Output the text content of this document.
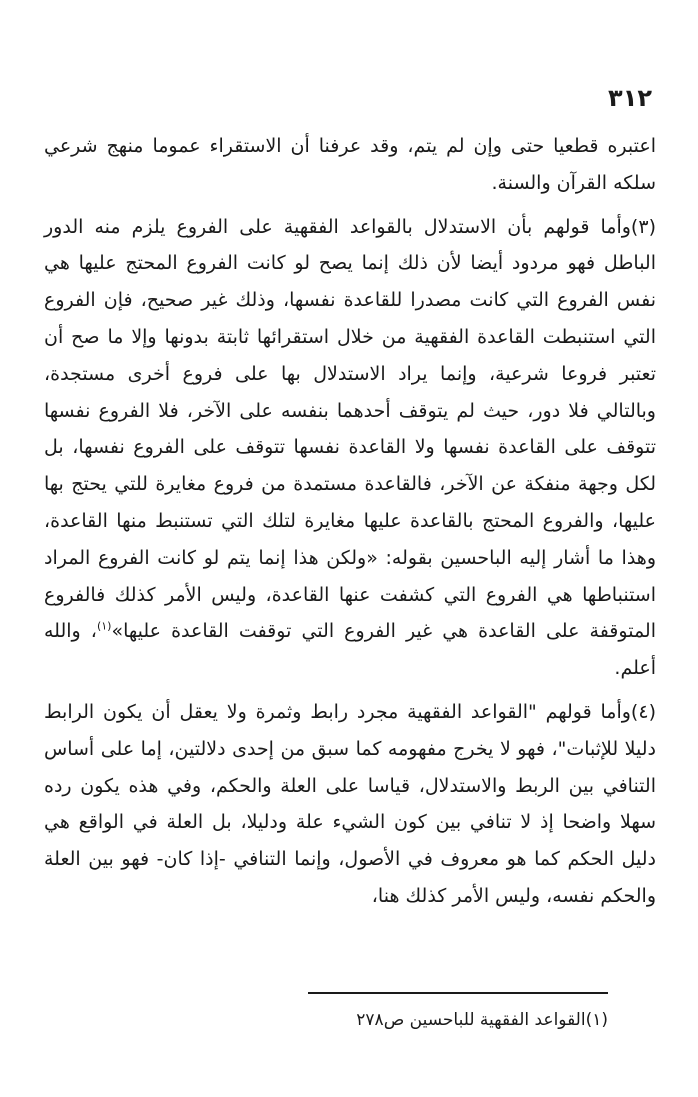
٣١٢

اعتبره قطعيا حتى وإن لم يتم، وقد عرفنا أن الاستقراء عموما منهج شرعي سلكه القرآن والسنة.

(٣)وأما قولهم بأن الاستدلال بالقواعد الفقهية على الفروع يلزم منه الدور الباطل فهو مردود أيضا لأن ذلك إنما يصح لو كانت الفروع المحتج عليها هي نفس الفروع التي كانت مصدرا للقاعدة نفسها، وذلك غير صحيح، فإن الفروع التي استنبطت القاعدة الفقهية من خلال استقرائها ثابتة بدونها وإلا ما صح أن تعتبر فروعا شرعية، وإنما يراد الاستدلال بها على فروع أخرى مستجدة، وبالتالي فلا دور، حيث لم يتوقف أحدهما بنفسه على الآخر، فلا الفروع نفسها تتوقف على القاعدة نفسها ولا القاعدة نفسها تتوقف على الفروع نفسها، بل لكل وجهة منفكة عن الآخر، فالقاعدة مستمدة من فروع مغايرة للتي يحتج بها عليها، والفروع المحتج بالقاعدة عليها مغايرة لتلك التي تستنبط منها القاعدة، وهذا ما أشار إليه الباحسين بقوله: «ولكن هذا إنما يتم لو كانت الفروع المراد استنباطها هي الفروع التي كشفت عنها القاعدة، وليس الأمر كذلك فالفروع المتوقفة على القاعدة هي غير الفروع التي توقفت القاعدة عليها»$^{(١)}$، والله أعلم.

(٤)وأما قولهم "القواعد الفقهية مجرد رابط وثمرة ولا يعقل أن يكون الرابط دليلا للإثبات"، فهو لا يخرج مفهومه كما سبق من إحدى دلالتين، إما على أساس التنافي بين الربط والاستدلال، قياسا على العلة والحكم، وفي هذه يكون رده سهلا واضحا إذ لا تنافي بين كون الشيء علة ودليلا، بل العلة في الواقع هي دليل الحكم كما هو معروف في الأصول، وإنما التنافي -إذا كان- فهو بين العلة والحكم نفسه، وليس الأمر كذلك هنا،

(١)القواعد الفقهية للباحسين ص٢٧٨
